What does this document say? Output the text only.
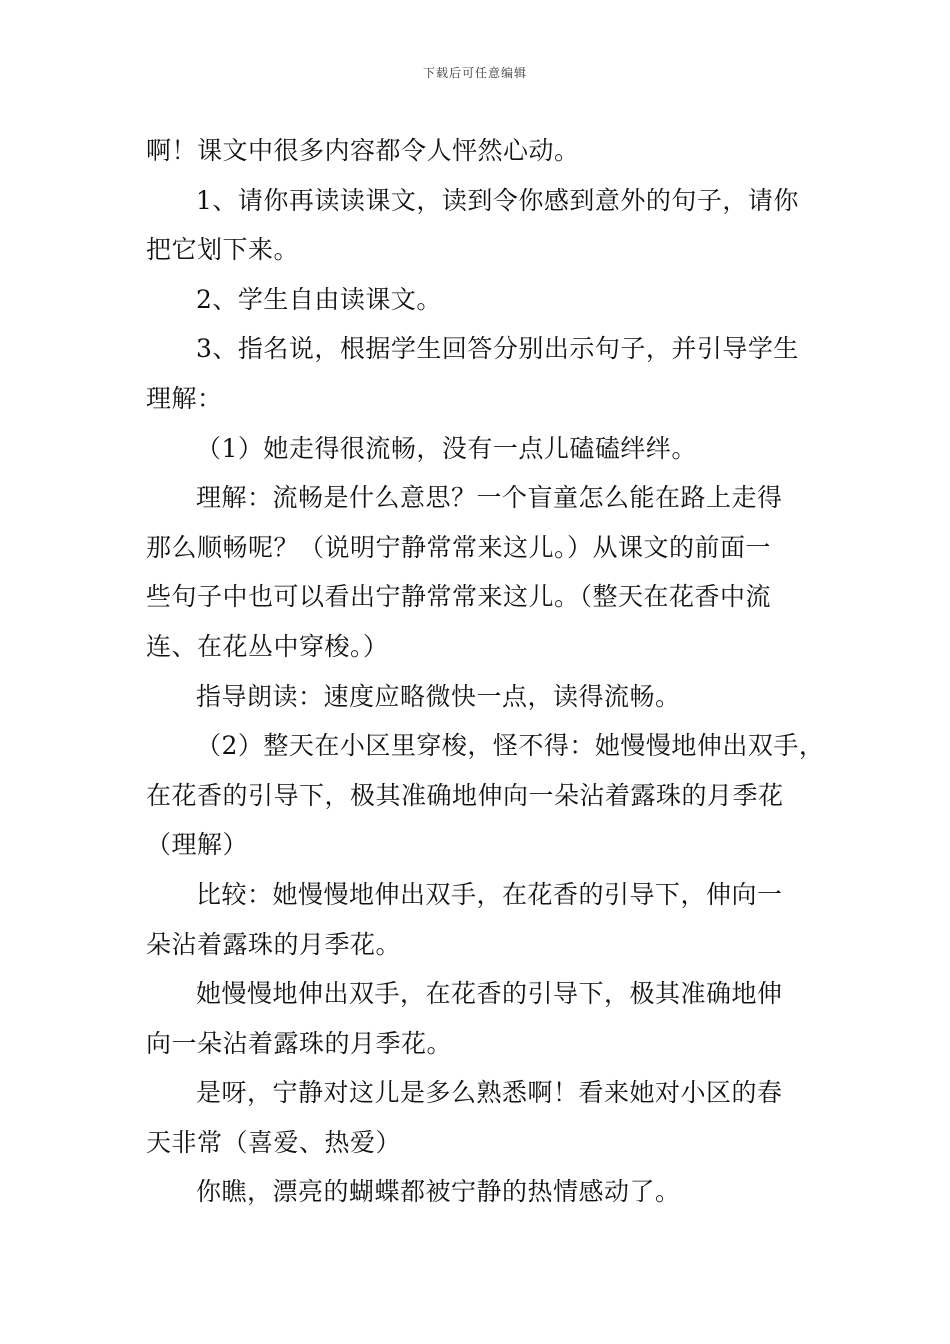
下载后可任意编辑

啊！课文中很多内容都令人怦然心动。

1、请你再读读课文，读到令你感到意外的句子，请你

把它划下来。

2、学生自由读课文。

3、指名说，根据学生回答分别出示句子，并引导学生

理解：

（1）她走得很流畅，没有一点儿磕磕绊绊。

理解：流畅是什么意思？一个盲童怎么能在路上走得

那么顺畅呢？（说明宁静常常来这儿。）从课文的前面一

些句子中也可以看出宁静常常来这儿。（整天在花香中流

连、在花丛中穿梭。）

指导朗读：速度应略微快一点，读得流畅。

（2）整天在小区里穿梭，怪不得：她慢慢地伸出双手，

在花香的引导下，极其准确地伸向一朵沾着露珠的月季花

（理解）

比较：她慢慢地伸出双手，在花香的引导下，伸向一

朵沾着露珠的月季花。

她慢慢地伸出双手，在花香的引导下，极其准确地伸

向一朵沾着露珠的月季花。

是呀，宁静对这儿是多么熟悉啊！看来她对小区的春

天非常（喜爱、热爱）

你瞧，漂亮的蝴蝶都被宁静的热情感动了。
